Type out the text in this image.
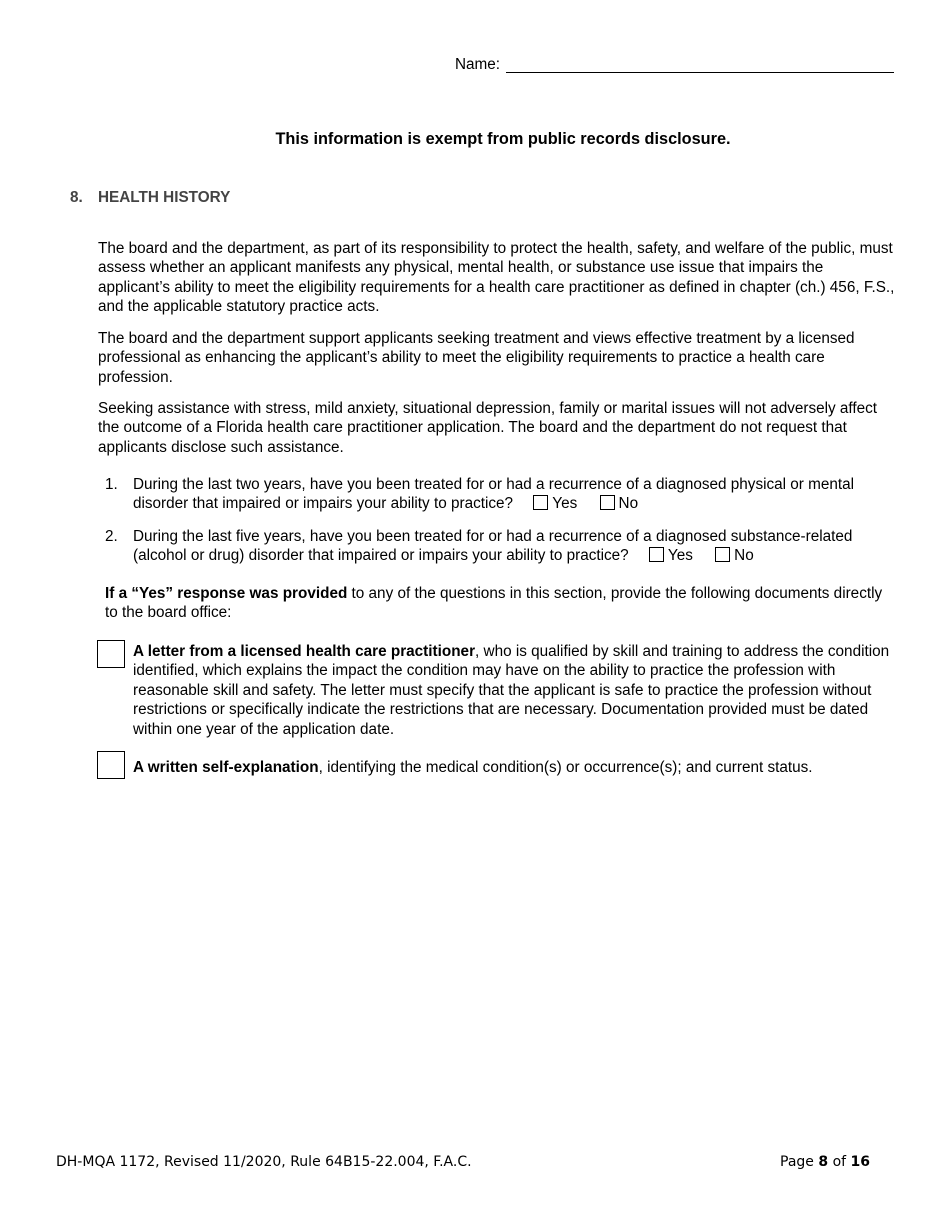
Name:
This information is exempt from public records disclosure.
8. HEALTH HISTORY

The board and the department, as part of its responsibility to protect the health, safety, and welfare of the public, must assess whether an applicant manifests any physical, mental health, or substance use issue that impairs the applicant’s ability to meet the eligibility requirements for a health care practitioner as defined in chapter (ch.) 456, F.S., and the applicable statutory practice acts.

The board and the department support applicants seeking treatment and views effective treatment by a licensed professional as enhancing the applicant’s ability to meet the eligibility requirements to practice a health care profession.

Seeking assistance with stress, mild anxiety, situational depression, family or marital issues will not adversely affect the outcome of a Florida health care practitioner application. The board and the department do not request that applicants disclose such assistance.

1. During the last two years, have you been treated for or had a recurrence of a diagnosed physical or mental disorder that impaired or impairs your ability to practice?	Yes	No
2. During the last five years, have you been treated for or had a recurrence of a diagnosed substance-related (alcohol or drug) disorder that impaired or impairs your ability to practice?	Yes	No
If a “Yes” response was provided to any of the questions in this section, provide the following documents directly to the board office:
A letter from a licensed health care practitioner, who is qualified by skill and training to address the condition identified, which explains the impact the condition may have on the ability to practice the profession with reasonable skill and safety. The letter must specify that the applicant is safe to practice the profession without restrictions or specifically indicate the restrictions that are necessary. Documentation provided must be dated within one year of the application date.
A written self-explanation, identifying the medical condition(s) or occurrence(s); and current status.
DH-MQA 1172, Revised 11/2020, Rule 64B15-22.004, F.A.C.	Page 8 of 16
